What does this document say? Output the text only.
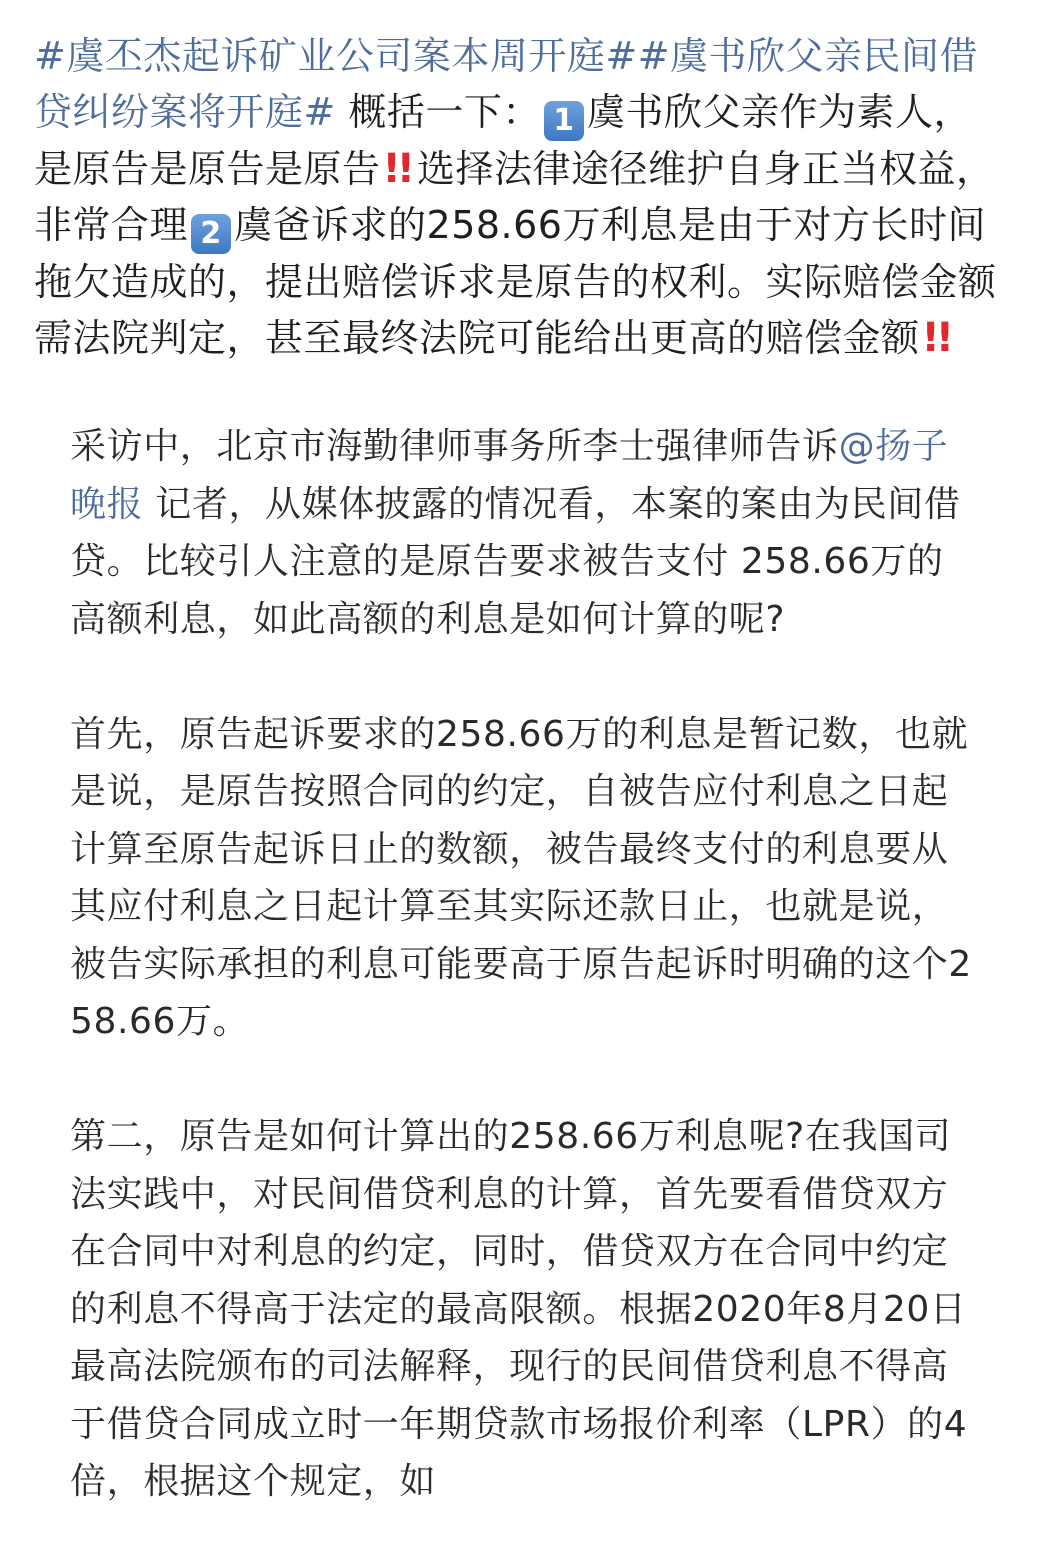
#虞丕杰起诉矿业公司案本周开庭##虞书欣父亲民间借贷纠纷案将开庭# 概括一下： 1 虞书欣父亲作为素人，是原告是原告是原告!! 选择法律途径维护自身正当权益，非常合理 2 虞爸诉求的258.66万利息是由于对方长时间拖欠造成的，提出赔偿诉求是原告的权利。实际赔偿金额需法院判定，甚至最终法院可能给出更高的赔偿金额!!

采访中，北京市海勤律师事务所李士强律师告诉@扬子晚报 记者，从媒体披露的情况看，本案的案由为民间借贷。比较引人注意的是原告要求被告支付 258.66万的高额利息，如此高额的利息是如何计算的呢?

首先，原告起诉要求的258.66万的利息是暂记数，也就是说，是原告按照合同的约定，自被告应付利息之日起计算至原告起诉日止的数额，被告最终支付的利息要从其应付利息之日起计算至其实际还款日止，也就是说，被告实际承担的利息可能要高于原告起诉时明确的这个258.66万。

第二，原告是如何计算出的258.66万利息呢?在我国司法实践中，对民间借贷利息的计算，首先要看借贷双方在合同中对利息的约定，同时，借贷双方在合同中约定的利息不得高于法定的最高限额。根据2020年8月20日最高法院颁布的司法解释，现行的民间借贷利息不得高于借贷合同成立时一年期贷款市场报价利率（LPR）的4倍，根据这个规定，如
